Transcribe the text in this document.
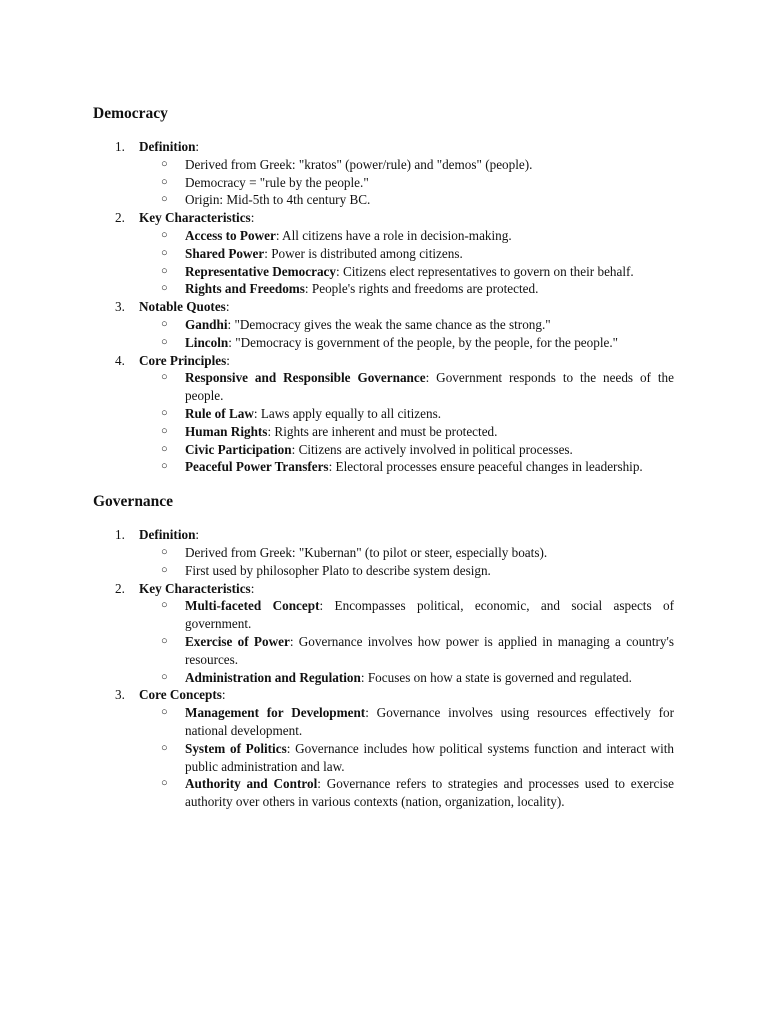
Democracy
1. Definition:
○ Derived from Greek: "kratos" (power/rule) and "demos" (people).
○ Democracy = "rule by the people."
○ Origin: Mid-5th to 4th century BC.
2. Key Characteristics:
○ Access to Power: All citizens have a role in decision-making.
○ Shared Power: Power is distributed among citizens.
○ Representative Democracy: Citizens elect representatives to govern on their behalf.
○ Rights and Freedoms: People's rights and freedoms are protected.
3. Notable Quotes:
○ Gandhi: "Democracy gives the weak the same chance as the strong."
○ Lincoln: "Democracy is government of the people, by the people, for the people."
4. Core Principles:
○ Responsive and Responsible Governance: Government responds to the needs of the people.
○ Rule of Law: Laws apply equally to all citizens.
○ Human Rights: Rights are inherent and must be protected.
○ Civic Participation: Citizens are actively involved in political processes.
○ Peaceful Power Transfers: Electoral processes ensure peaceful changes in leadership.
Governance
1. Definition:
○ Derived from Greek: "Kubernan" (to pilot or steer, especially boats).
○ First used by philosopher Plato to describe system design.
2. Key Characteristics:
○ Multi-faceted Concept: Encompasses political, economic, and social aspects of government.
○ Exercise of Power: Governance involves how power is applied in managing a country's resources.
○ Administration and Regulation: Focuses on how a state is governed and regulated.
3. Core Concepts:
○ Management for Development: Governance involves using resources effectively for national development.
○ System of Politics: Governance includes how political systems function and interact with public administration and law.
○ Authority and Control: Governance refers to strategies and processes used to exercise authority over others in various contexts (nation, organization, locality).
